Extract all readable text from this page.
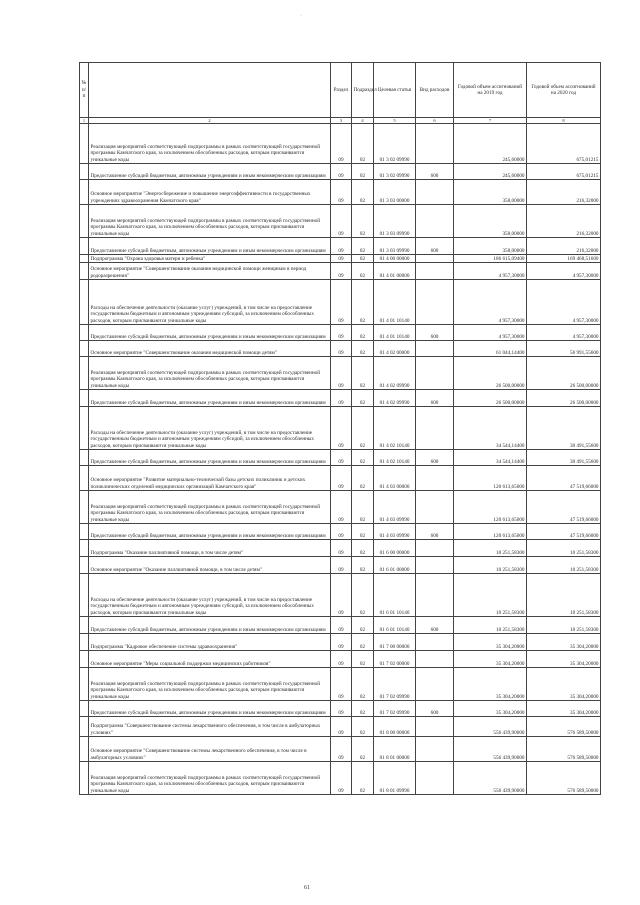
·
№ п/п		Раздел	Подраздел	Целевая статья	Вид расходов	Годовой объем ассигнований на 2019 год	Годовой объем ассигнований на 2020 год
1	2	3	4	5	6	7	8
	Реализация мероприятий соответствующей подпрограммы в рамках соответствующей государственной программы Камчатского края, за исключением обособленных расходов, которым присваиваются уникальные коды	09	02	01 3 02 09990		245,60000	675,01215
	Предоставление субсидий бюджетным, автономным учреждениям и иным некоммерческим организациям	09	02	01 3 02 09990	600	245,60000	675,01215
	Основное мероприятие "Энергосбережение и повышение энергоэффективности в государственных учреждениях здравоохранения Камчатского края"	09	02	01 3 03 00000		358,00000	216,32000
	Реализация мероприятий соответствующей подпрограммы в рамках соответствующей государственной программы Камчатского края, за исключением обособленных расходов, которым присваиваются уникальные коды	09	02	01 3 03 09990		358,00000	216,32000
	Предоставление субсидий бюджетным, автономным учреждениям и иным некоммерческим организациям	09	02	01 3 03 09990	600	358,00000	216,32000
	Подпрограмма "Охрана здоровья матери и ребенка"	09	02	01 4 00 00000		186 615,09400	169 468,51600
	Основное мероприятие "Совершенствование оказания медицинской помощи женщинам в период родоразрешения"	09	02	01 4 01 00000		4 957,30000	4 957,30000
	Расходы на обеспечение деятельности (оказание услуг) учреждений, в том числе на предоставление государственным бюджетным и автономным учреждениям субсидий, за исключением обособленных расходов, которым присваиваются уникальные коды	09	02	01 4 01 10140		4 957,30000	4 957,30000
	Предоставление субсидий бюджетным, автономным учреждениям и иным некоммерческим организациям	09	02	01 4 01 10140	600	4 957,30000	4 957,30000
	Основное мероприятие "Совершенствование оказания медицинской помощи детям"	09	02	01 4 02 00000		61 044,14400	56 991,55600
	Реализация мероприятий соответствующей подпрограммы в рамках соответствующей государственной программы Камчатского края, за исключением обособленных расходов, которым присваиваются уникальные коды	09	02	01 4 02 09990		26 500,00000	26 500,00000
	Предоставление субсидий бюджетным, автономным учреждениям и иным некоммерческим организациям	09	02	01 4 02 09990	600	26 500,00000	26 500,00000
	Расходы на обеспечение деятельности (оказание услуг) учреждений, в том числе на предоставление государственным бюджетным и автономным учреждениям субсидий, за исключением обособленных расходов, которым присваиваются уникальные коды	09	02	01 4 02 10140		34 544,14400	30 491,55600
	Предоставление субсидий бюджетным, автономным учреждениям и иным некоммерческим организациям	09	02	01 4 02 10140	600	34 544,14400	30 491,55600
	Основное мероприятие "Развитие материально-технической базы детских поликлиник и детских поликлинических отделений медицинских организаций Камчатского края"	09	02	01 4 03 00000		120 613,65000	47 519,66000
	Реализация мероприятий соответствующей подпрограммы в рамках соответствующей государственной программы Камчатского края, за исключением обособленных расходов, которым присваиваются уникальные коды	09	02	01 4 03 09990		120 613,65000	47 519,66000
	Предоставление субсидий бюджетным, автономным учреждениям и иным некоммерческим организациям	09	02	01 4 03 09990	600	120 613,65000	47 519,66000
	Подпрограмма "Оказание паллиативной помощи, в том числе детям"	09	02	01 6 00 00000		10 251,58300	10 251,58300
	Основное мероприятие "Оказание паллиативной помощи, в том числе детям"	09	02	01 6 01 00000		10 251,58300	10 251,58300
	Расходы на обеспечение деятельности (оказание услуг) учреждений, в том числе на предоставление государственным бюджетным и автономным учреждениям субсидий, за исключением обособленных расходов, которым присваиваются уникальные коды	09	02	01 6 01 10140		10 251,58300	10 251,58300
	Предоставление субсидий бюджетным, автономным учреждениям и иным некоммерческим организациям	09	02	01 6 01 10140	600	10 251,58300	10 251,58300
	Подпрограмма "Кадровое обеспечение системы здравоохранения"	09	02	01 7 00 00000		35 304,20000	35 304,20000
	Основное мероприятие "Меры социальной поддержки медицинских работников"	09	02	01 7 02 00000		35 304,20000	35 304,20000
	Реализация мероприятий соответствующей подпрограммы в рамках соответствующей государственной программы Камчатского края, за исключением обособленных расходов, которым присваиваются уникальные коды	09	02	01 7 02 09990		35 304,20000	35 304,20000
	Предоставление субсидий бюджетным, автономным учреждениям и иным некоммерческим организациям	09	02	01 7 02 09990	600	35 304,20000	35 304,20000
	Подпрограмма "Совершенствование системы лекарственного обеспечения, в том числе в амбулаторных условиях"	09	02	01 8 00 00000		556 439,90000	576 589,50000
	Основное мероприятие "Совершенствование системы лекарственного обеспечения, в том числе в амбулаторных условиях"	09	02	01 8 01 00000		556 439,90000	576 589,50000
	Реализация мероприятий соответствующей подпрограммы в рамках соответствующей государственной программы Камчатского края, за исключением обособленных расходов, которым присваиваются уникальные коды	09	02	01 8 01 09990		556 439,90000	576 589,50000
61
